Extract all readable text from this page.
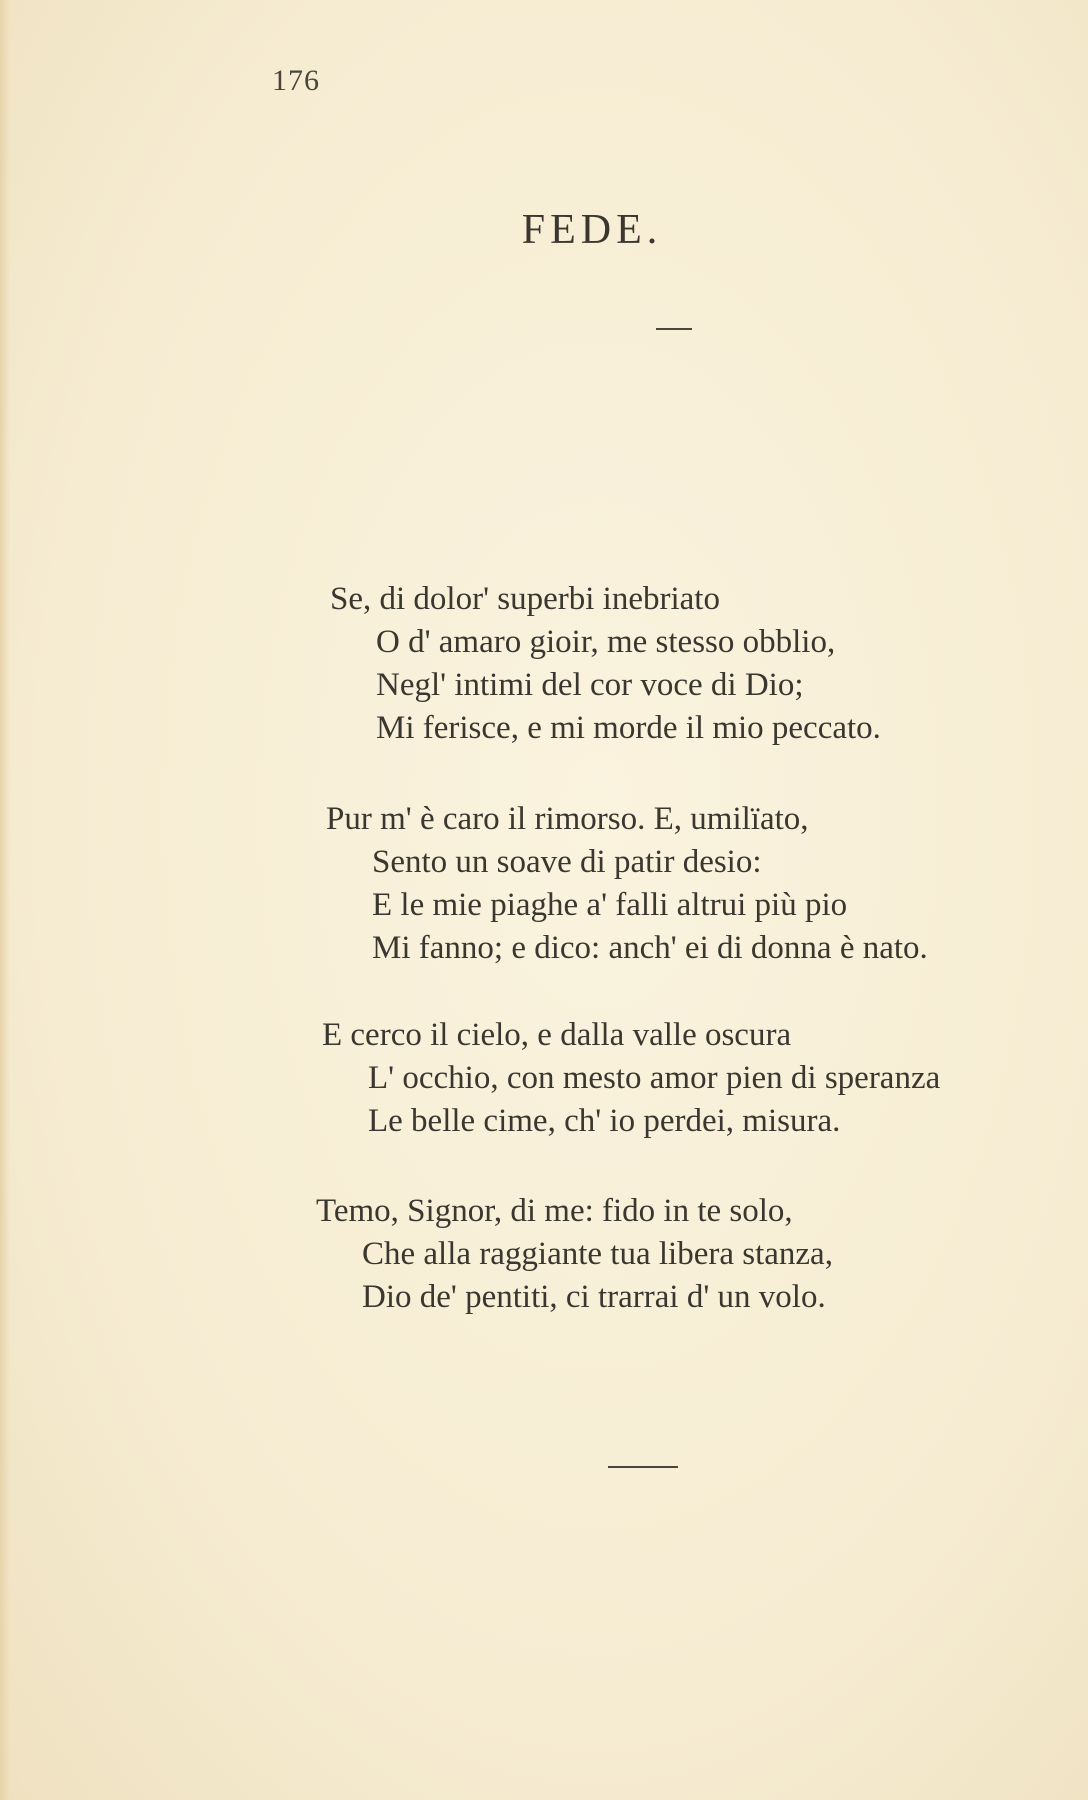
176
FEDE.
Se, di dolor' superbi inebriato
O d' amaro gioir, me stesso obblio,
Negl' intimi del cor voce di Dio;
Mi ferisce, e mi morde il mio peccato.
Pur m' è caro il rimorso. E, umilïato,
Sento un soave di patir desio:
E le mie piaghe a' falli altrui più pio
Mi fanno; e dico: anch' ei di donna è nato.
E cerco il cielo, e dalla valle oscura
L' occhio, con mesto amor pien di speranza
Le belle cime, ch' io perdei, misura.
Temo, Signor, di me: fido in te solo,
Che alla raggiante tua libera stanza,
Dio de' pentiti, ci trarrai d' un volo.
